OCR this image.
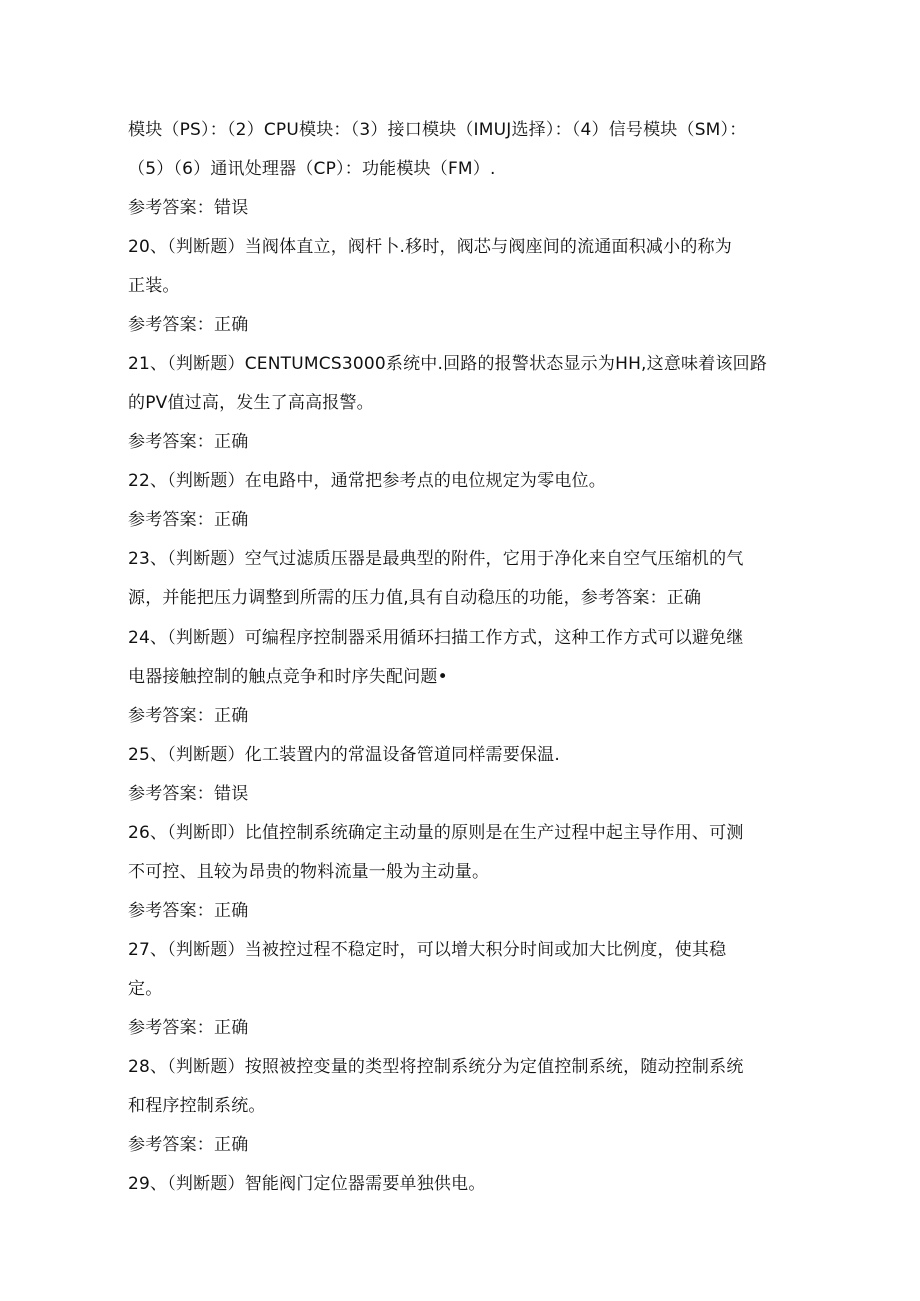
模块（PS）：（2）CPU模块：（3）接口模块（IMUJ选择）：（4）信号模块（SM）：
（5）（6）通讯处理器（CP）：功能模块（FM）.
参考答案：错误
20、（判断题）当阀体直立，阀杆卜.移时，阀芯与阀座间的流通面积减小的称为
正装。
参考答案：正确
21、（判断题）CENTUMCS3000系统中.回路的报警状态显示为HH,这意味着该回路
的PV值过高，发生了高高报警。
参考答案：正确
22、（判断题）在电路中，通常把参考点的电位规定为零电位。
参考答案：正确
23、（判断题）空气过滤质压器是最典型的附件，它用于净化来自空气压缩机的气
源，并能把压力调整到所需的压力值,具有自动稳压的功能，参考答案：正确
24、（判断题）可编程序控制器采用循环扫描工作方式，这种工作方式可以避免继
电器接触控制的触点竞争和时序失配问题•
参考答案：正确
25、（判断题）化工装置内的常温设备管道同样需要保温.
参考答案：错误
26、（判断即）比值控制系统确定主动量的原则是在生产过程中起主导作用、可测
不可控、且较为昂贵的物料流量一般为主动量。
参考答案：正确
27、（判断题）当被控过程不稳定时，可以增大积分时间或加大比例度，使其稳
定。
参考答案：正确
28、（判断题）按照被控变量的类型将控制系统分为定值控制系统，随动控制系统
和程序控制系统。
参考答案：正确
29、（判断题）智能阀门定位器需要单独供电。
